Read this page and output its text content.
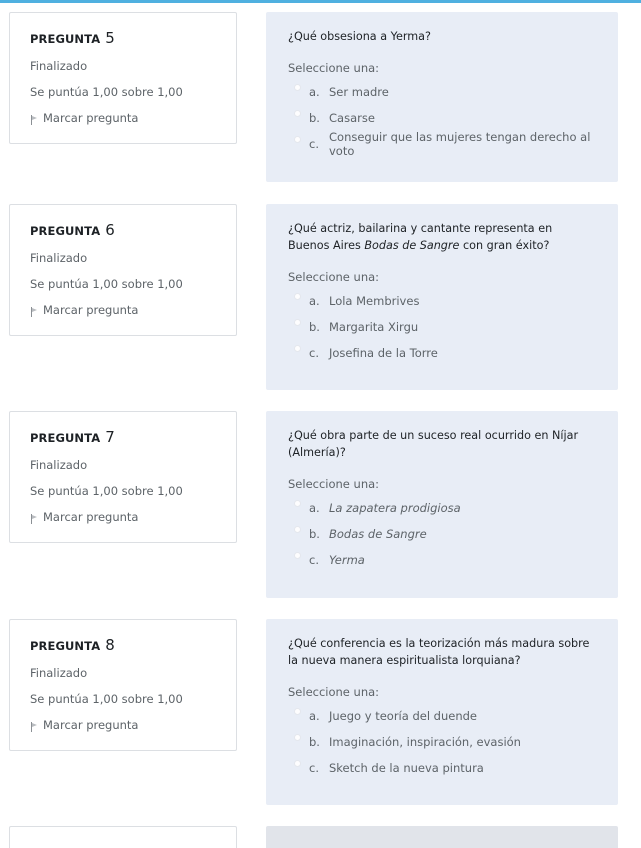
PREGUNTA 5
Finalizado
Se puntúa 1,00 sobre 1,00
Marcar pregunta
¿Qué obsesiona a Yerma?
Seleccione una:
a. Ser madre
b. Casarse
c. Conseguir que las mujeres tengan derecho al voto
PREGUNTA 6
Finalizado
Se puntúa 1,00 sobre 1,00
Marcar pregunta
¿Qué actriz, bailarina y cantante representa en Buenos Aires Bodas de Sangre con gran éxito?
Seleccione una:
a. Lola Membrives
b. Margarita Xirgu
c. Josefina de la Torre
PREGUNTA 7
Finalizado
Se puntúa 1,00 sobre 1,00
Marcar pregunta
¿Qué obra parte de un suceso real ocurrido en Níjar (Almería)?
Seleccione una:
a. La zapatera prodigiosa
b. Bodas de Sangre
c. Yerma
PREGUNTA 8
Finalizado
Se puntúa 1,00 sobre 1,00
Marcar pregunta
¿Qué conferencia es la teorización más madura sobre la nueva manera espiritualista lorquiana?
Seleccione una:
a. Juego y teoría del duende
b. Imaginación, inspiración, evasión
c. Sketch de la nueva pintura
